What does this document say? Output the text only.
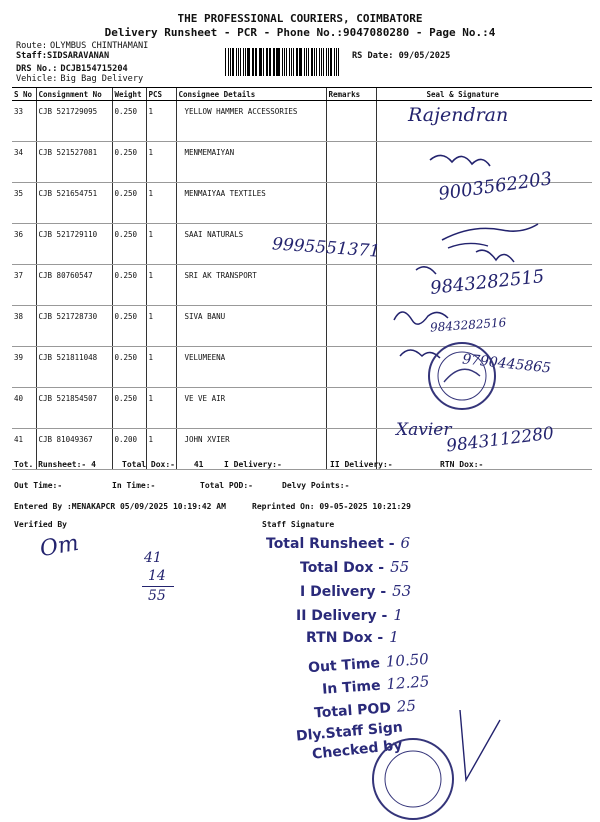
THE PROFESSIONAL COURIERS, COIMBATORE
Delivery Runsheet - PCR - Phone No.:9047080280 - Page No.:4
Route: OLYMBUS CHINTHAMANI
Staff:SIDSARAVANAN
DRS No.: DCJB154715204
Vehicle: Big Bag Delivery
RS Date: 09/05/2025
S No	Consignment No	Weight	PCS	Consignee Details	Remarks	Seal & Signature
33	CJB 521729095	0.250	1	YELLOW HAMMER ACCESSORIES		
34	CJB 521527081	0.250	1	MENMEMAIYAN		
35	CJB 521654751	0.250	1	MENMAIYAA TEXTILES		
36	CJB 521729110	0.250	1	SAAI NATURALS		
37	CJB 80760547	0.250	1	SRI AK TRANSPORT		
38	CJB 521728730	0.250	1	SIVA BANU		
39	CJB 521811048	0.250	1	VELUMEENA		
40	CJB 521854507	0.250	1	VE VE AIR		
41	CJB 81049367	0.200	1	JOHN XVIER		
Rajendran
9003562203
9995551371
9843282515
9843282516
9790445865
Xavier
9843112280
Tot. Runsheet:- 4	Total Dox:- 41	I Delivery:-	II Delivery:-	RTN Dox:-
Out Time:-	In Time:-	Total POD:-	Delvy Points:-
Entered By :MENAKAPCR 05/09/2025 10:19:42 AM	Reprinted On: 09-05-2025 10:21:29
Verified By	Staff Signature
Om	41
14
55
Total Runsheet - 6
Total Dox - 55
I Delivery - 53
II Delivery - 1
RTN Dox - 1
Out Time 10.50
In Time 12.25
Total POD 25
Dly.Staff Sign
Checked by
